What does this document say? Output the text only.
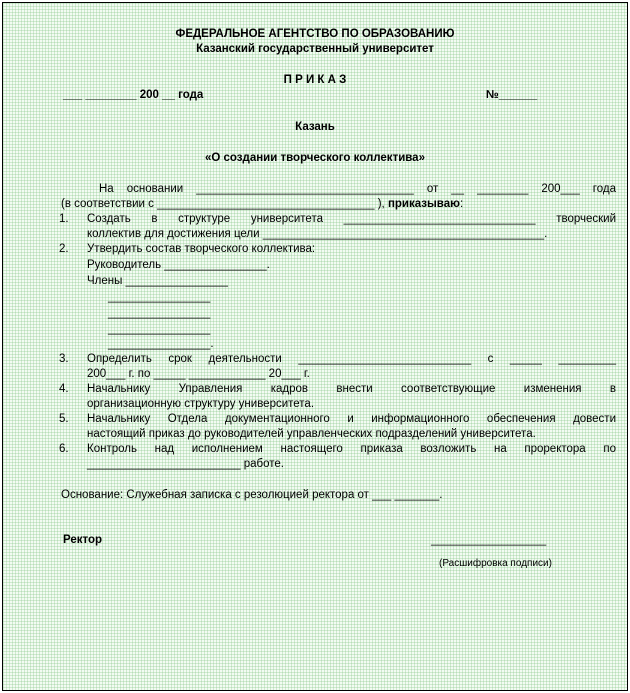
ФЕДЕРАЛЬНОЕ АГЕНТСТВО ПО ОБРАЗОВАНИЮ
Казанский государственный университет
П Р И К А З
___ ________ 200 __ года	№______
Казань
«О создании творческого коллектива»
На основании __________________________________ от __ ________ 200___ года
(в соответствии с __________________________________ ), приказываю:
1. Создать в структуре университета ______________________________ творческий
коллектив для достижения цели ____________________________________________.
2. Утвердить состав творческого коллектива:
Руководитель ________________.
Члены ________________
________________
________________
________________
________________.
3. Определить срок деятельности ___________________________ с _____ _________
200___ г. по _____ ____________ 20___ г.
4. Начальнику Управления кадров внести соответствующие изменения в
организационную структуру университета.
5. Начальнику Отдела документационного и информационного обеспечения довести
настоящий приказ до руководителей управленческих подразделений университета.
6. Контроль над исполнением настоящего приказа возложить на проректора по
________________________ работе.
Основание: Служебная записка с резолюцией ректора от ___ _______.
Ректор	__________________
(Расшифровка подписи)
